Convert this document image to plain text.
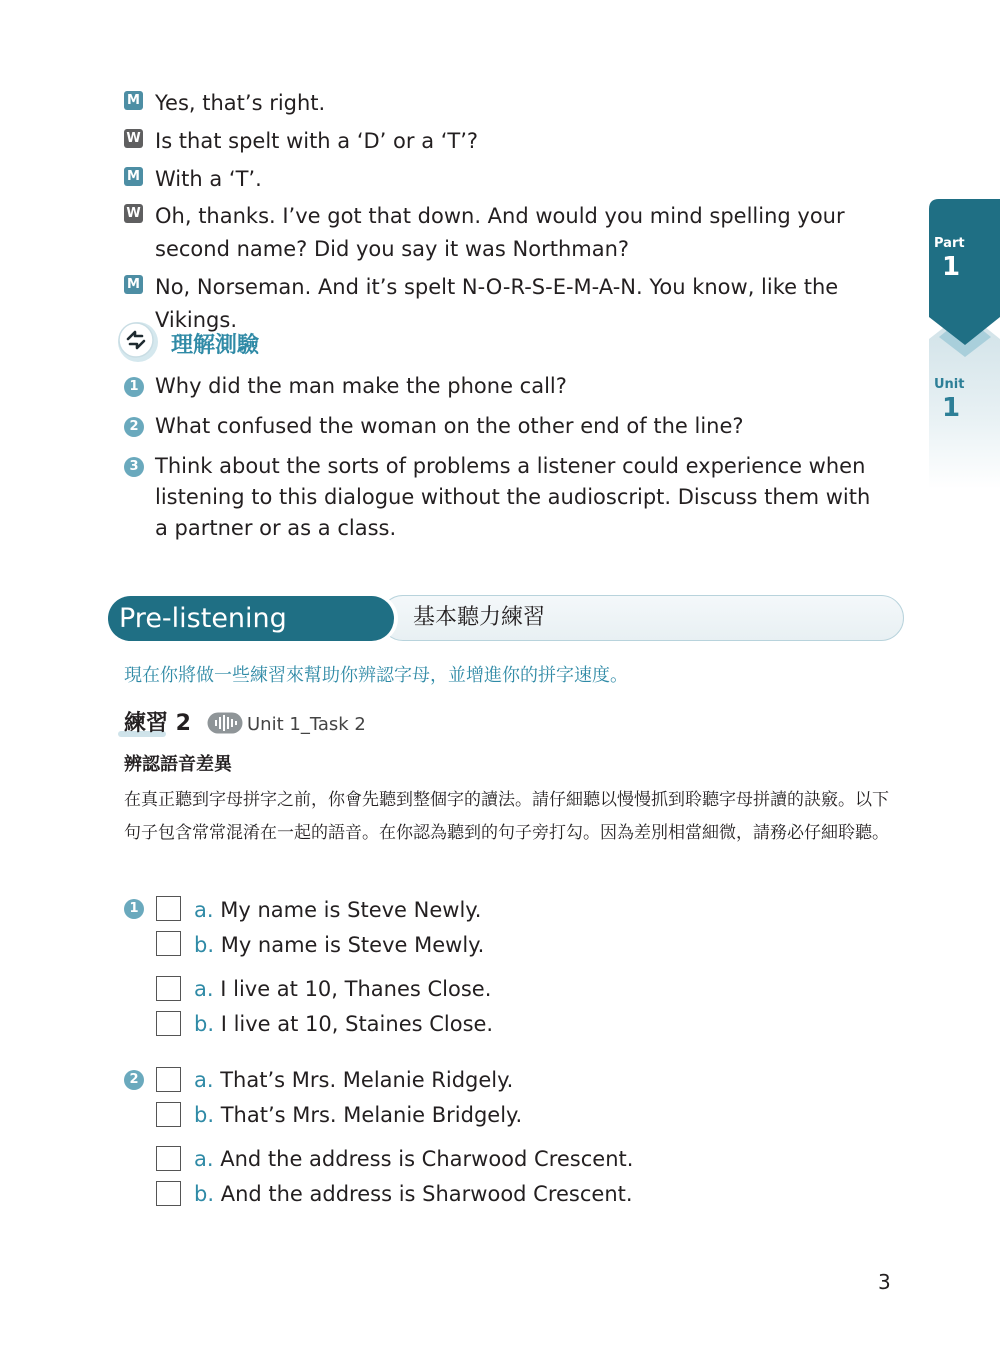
M Yes, that’s right.
W Is that spelt with a ‘D’ or a ‘T’?
M With a ‘T’.
W Oh, thanks. I’ve got that down. And would you mind spelling your second name? Did you say it was Northman?
M No, Norseman. And it’s spelt N-O-R-S-E-M-A-N. You know, like the Vikings.
理解測驗
1 Why did the man make the phone call?
2 What confused the woman on the other end of the line?
3 Think about the sorts of problems a listener could experience when listening to this dialogue without the audioscript. Discuss them with a partner or as a class.
Pre-listening Practice
基本聽力練習
現在你將做一些練習來幫助你辨認字母，並增進你的拼字速度。
練習 2	Unit 1_Task 2
辨認語音差異
在真正聽到字母拼字之前，你會先聽到整個字的讀法。請仔細聽以慢慢抓到聆聽字母拼讀的訣竅。以下句子包含常常混淆在一起的語音。在你認為聽到的句子旁打勾。因為差別相當細微，請務必仔細聆聽。
1	a. My name is Steve Newly.
b. My name is Steve Mewly.
a. I live at 10, Thanes Close.
b. I live at 10, Staines Close.
2	a. That’s Mrs. Melanie Ridgely.
b. That’s Mrs. Melanie Bridgely.
a. And the address is Charwood Crescent.
b. And the address is Sharwood Crescent.
Part
1
Unit
1
3
